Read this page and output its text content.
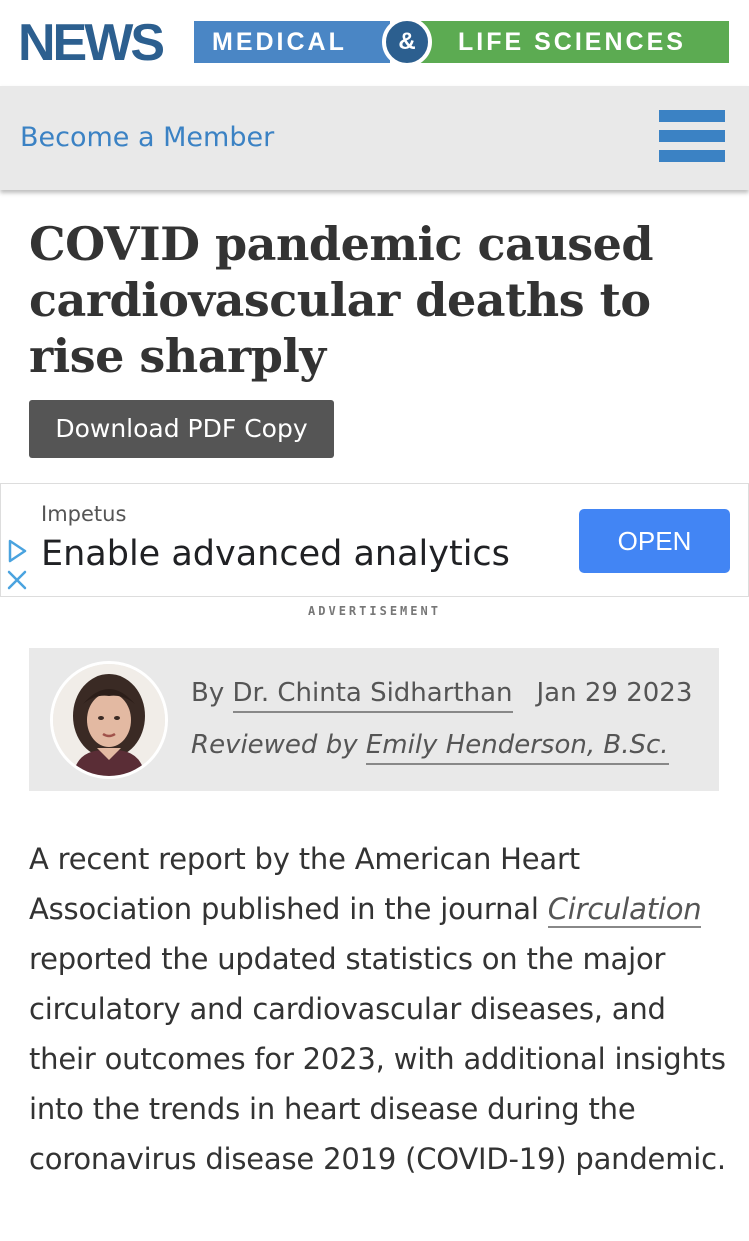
NEWS	MEDICAL	LIFE SCIENCES
&
Become a Member
COVID pandemic caused cardiovascular deaths to rise sharply
Download PDF Copy
Impetus
Enable advanced analytics	OPEN
ADVERTISEMENT
By Dr. Chinta Sidharthan Jan 29 2023
Reviewed by Emily Henderson, B.Sc.

A recent report by the American Heart Association published in the journal Circulation reported the updated statistics on the major circulatory and cardiovascular diseases, and their outcomes for 2023, with additional insights into the trends in heart disease during the coronavirus disease 2019 (COVID-19) pandemic.
